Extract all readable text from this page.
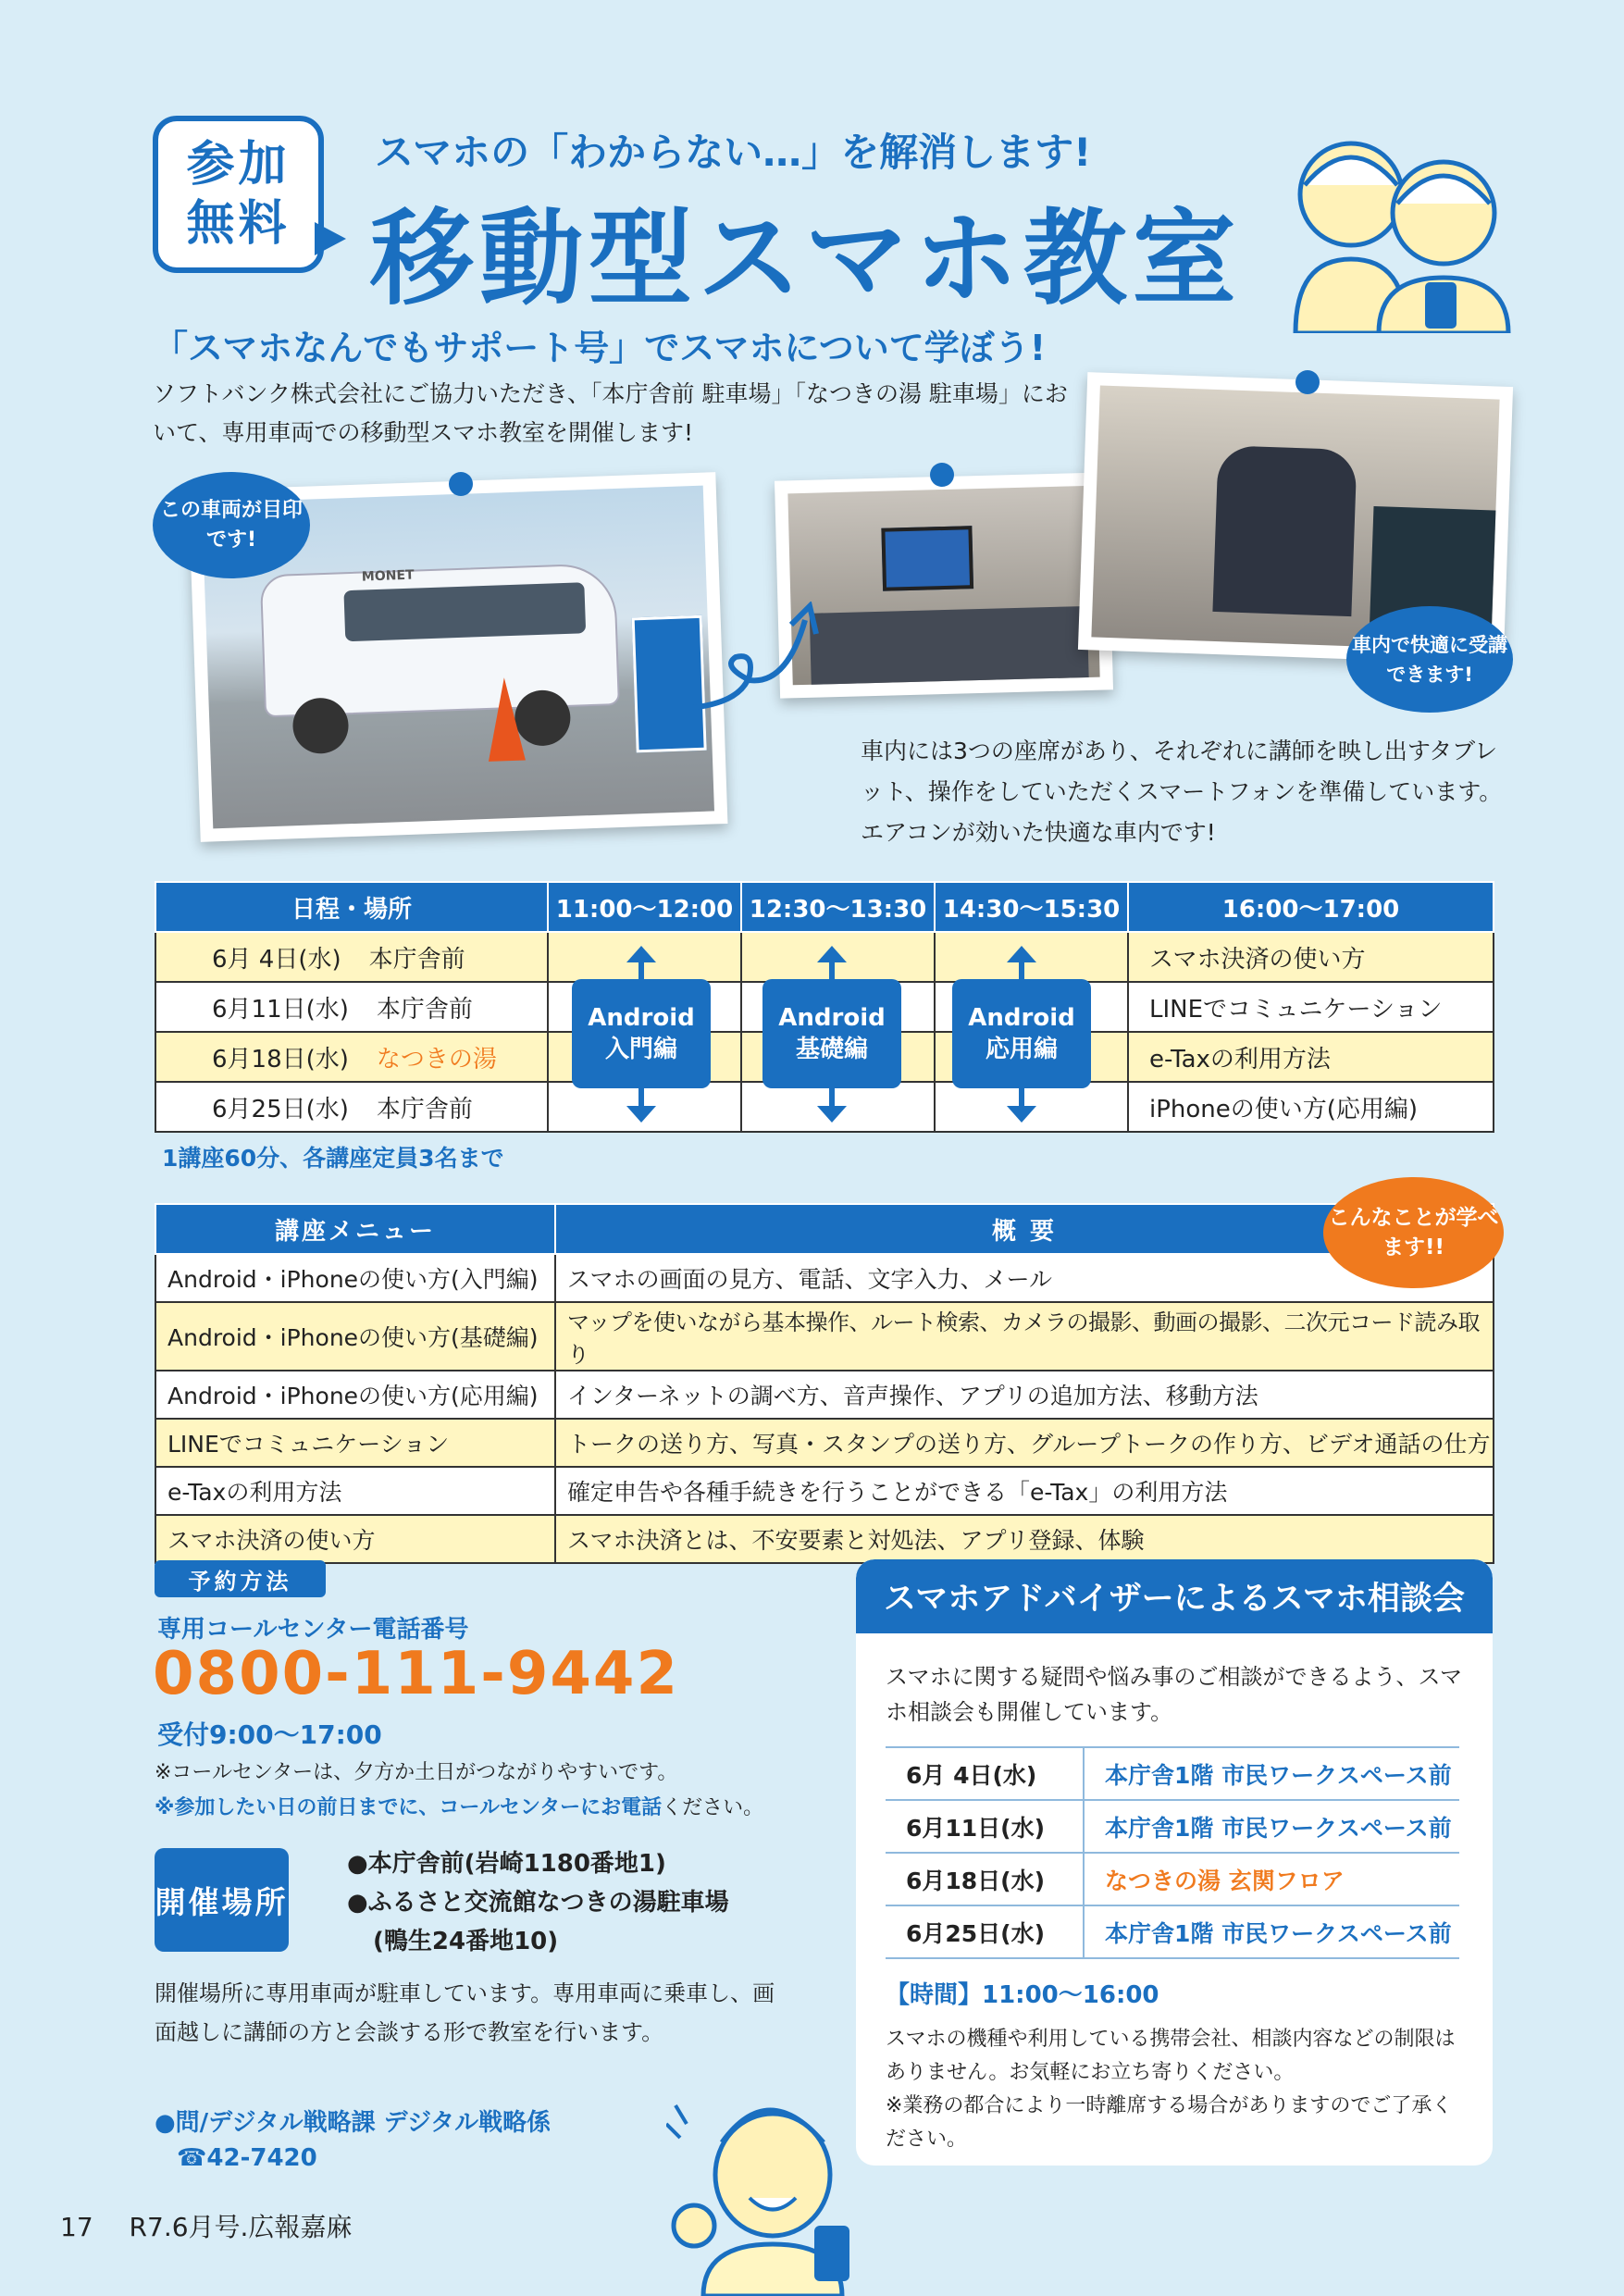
参加
無料
スマホの「わからない…」を解消します!
移動型スマホ教室
「スマホなんでもサポート号」でスマホについて学ぼう!
ソフトバンク株式会社にご協力いただき、「本庁舎前 駐車場」「なつきの湯 駐車場」において、専用車両での移動型スマホ教室を開催します!
MONET
この車両が目印です!
車内で快適に受講できます!
車内には3つの座席があり、それぞれに講師を映し出すタブレット、操作をしていただくスマートフォンを準備しています。エアコンが効いた快適な車内です!
日程・場所	11:00〜12:00	12:30〜13:30	14:30〜15:30	16:00〜17:00
6月 4日(水) 本庁舎前				スマホ決済の使い方
6月11日(水) 本庁舎前				LINEでコミュニケーション
6月18日(水) なつきの湯				e-Taxの利用方法
6月25日(水) 本庁舎前				iPhoneの使い方(応用編)
Android
入門編
Android
基礎編
Android
応用編
1講座60分、各講座定員3名まで
講座メニュー	概 要
Android・iPhoneの使い方(入門編)	スマホの画面の見方、電話、文字入力、メール
Android・iPhoneの使い方(基礎編)	マップを使いながら基本操作、ルート検索、カメラの撮影、動画の撮影、二次元コード読み取り
Android・iPhoneの使い方(応用編)	インターネットの調べ方、音声操作、アプリの追加方法、移動方法
LINEでコミュニケーション	トークの送り方、写真・スタンプの送り方、グループトークの作り方、ビデオ通話の仕方
e-Taxの利用方法	確定申告や各種手続きを行うことができる「e-Tax」の利用方法
スマホ決済の使い方	スマホ決済とは、不安要素と対処法、アプリ登録、体験
こんなことが学べます!!
予約方法
専用コールセンター電話番号
0800-111-9442
受付9:00〜17:00
※コールセンターは、夕方か土日がつながりやすいです。
※参加したい日の前日までに、コールセンターにお電話ください。
開催場所
●本庁舎前(岩崎1180番地1)
●ふるさと交流館なつきの湯駐車場
(鴨生24番地10)
開催場所に専用車両が駐車しています。専用車両に乗車し、画面越しに講師の方と会談する形で教室を行います。
●問/デジタル戦略課 デジタル戦略係
☎42-7420
スマホアドバイザーによるスマホ相談会
スマホに関する疑問や悩み事のご相談ができるよう、スマホ相談会も開催しています。
6月 4日(水)	本庁舎1階 市民ワークスペース前
6月11日(水)	本庁舎1階 市民ワークスペース前
6月18日(水)	なつきの湯 玄関フロア
6月25日(水)	本庁舎1階 市民ワークスペース前
【時間】11:00〜16:00
スマホの機種や利用している携帯会社、相談内容などの制限はありません。お気軽にお立ち寄りください。
※業務の都合により一時離席する場合がありますのでご了承ください。
17 R7.6月号.広報嘉麻
